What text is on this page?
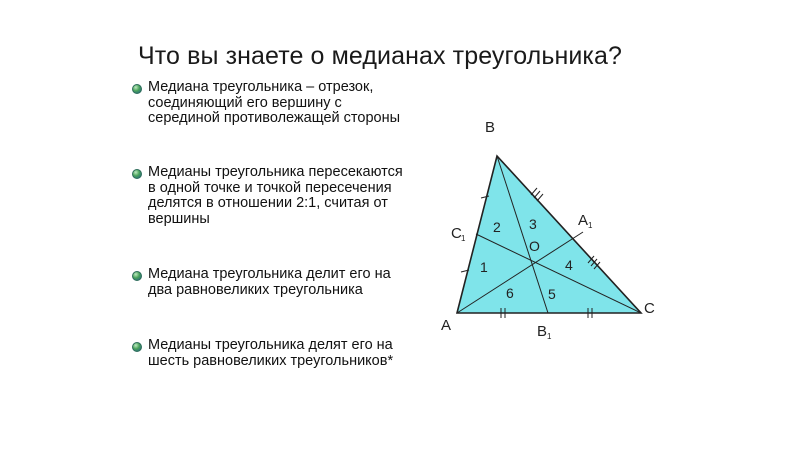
Что вы знаете о медианах треугольника?
Медиана треугольника – отрезок, соединяющий его вершину с серединой противолежащей стороны
Медианы треугольника пересекаются в одной точке и точкой пересечения делятся в отношении 2:1, считая от вершины
Медиана треугольника делит его на два равновеликих треугольника
Медианы треугольника делят его на шесть равновеликих треугольников*
B
A
C
C 1
A 1
B 1
O
1
2 3
4
5
6
